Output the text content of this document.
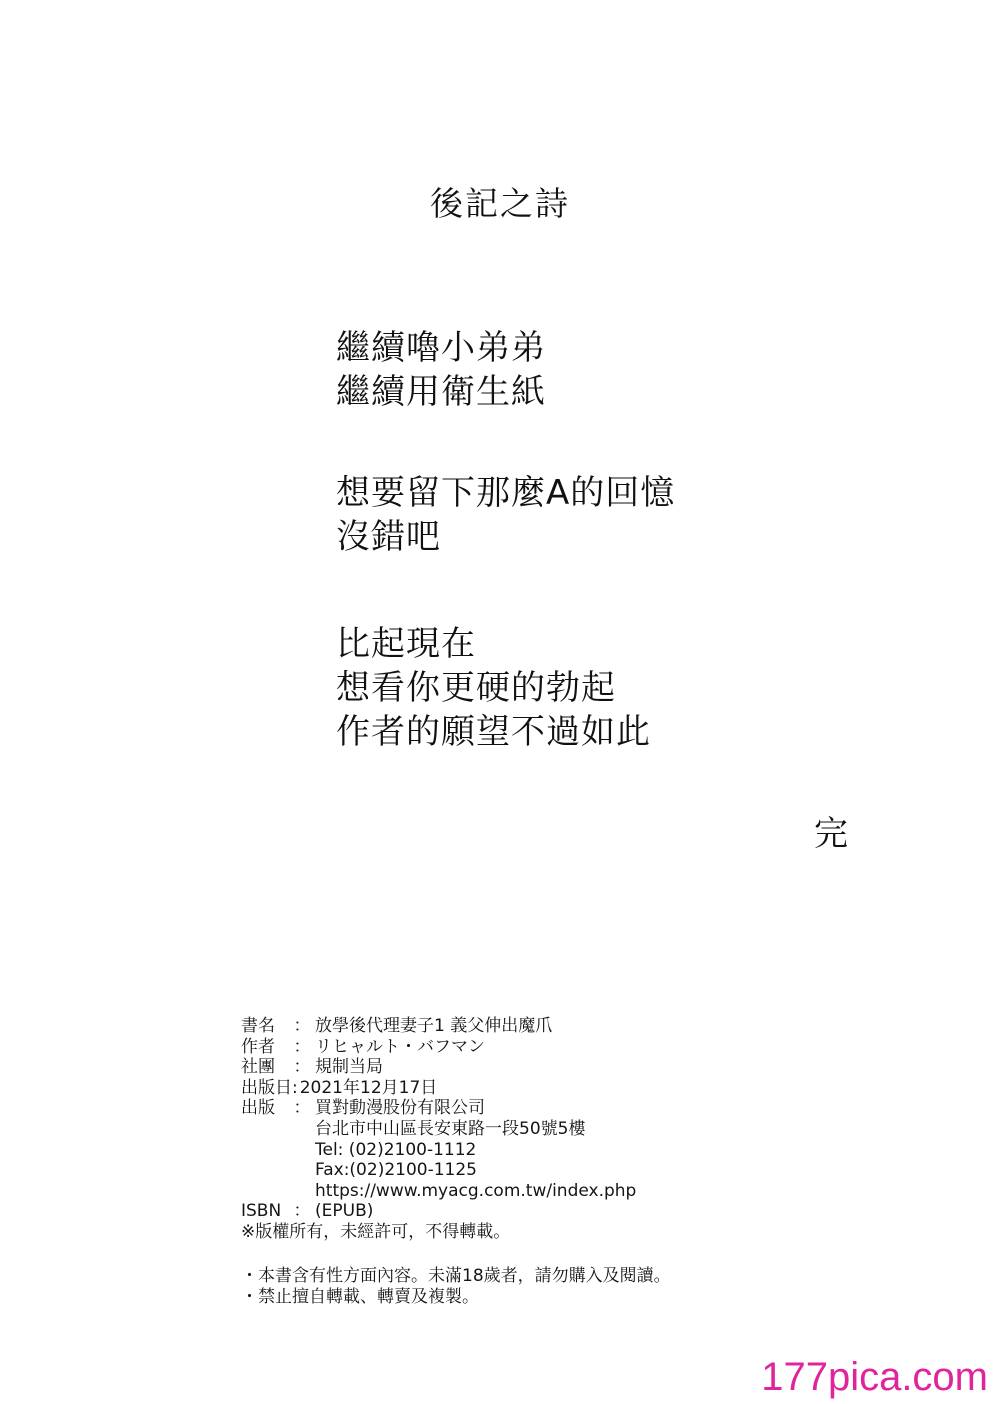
後記之詩
繼續嚕小弟弟
繼續用衛生紙
想要留下那麼A的回憶
沒錯吧
比起現在
想看你更硬的勃起
作者的願望不過如此
完
書名	： 放學後代理妻子1 義父伸出魔爪
作者	： リヒャルト・バフマン
社團	： 規制当局
出版日 : 2021年12月17日
出版	： 買對動漫股份有限公司
台北市中山區長安東路一段50號5樓
Tel: (02)2100-1112
Fax:(02)2100-1125
https://www.myacg.com.tw/index.php
ISBN ： (EPUB)
※版權所有，未經許可，不得轉載。
・本書含有性方面內容。未滿18歲者，請勿購入及閱讀。
・禁止擅自轉載、轉賣及複製。
177pica.com
